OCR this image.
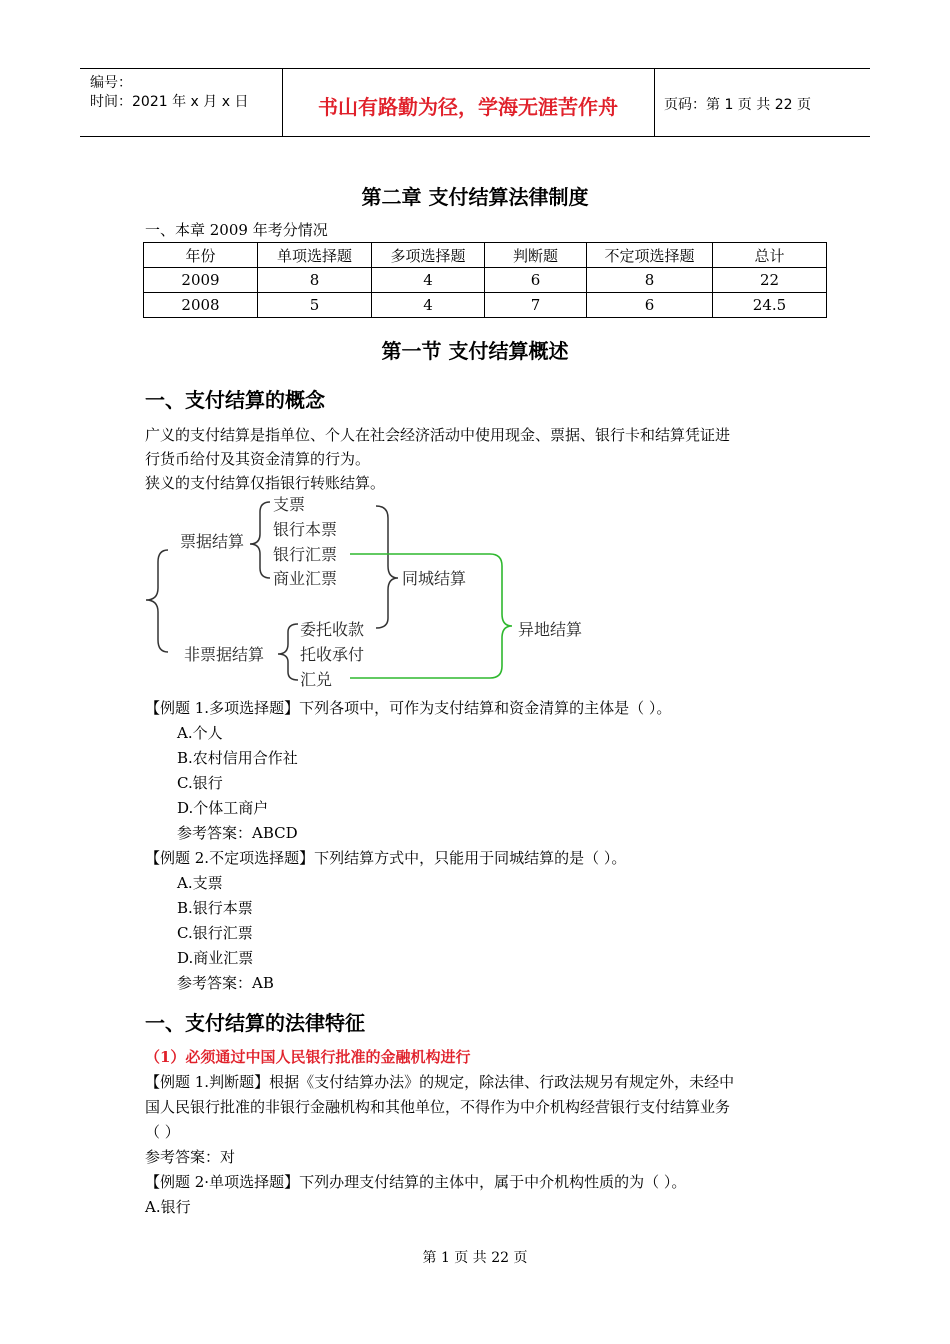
编号：
时间：2021 年 x 月 x 日	书山有路勤为径，学海无涯苦作舟	页码：第 1 页 共 22 页
第二章 支付结算法律制度
一、本章 2009 年考分情况
年份	单项选择题	多项选择题	判断题	不定项选择题	总计
2009	8	4	6	8	22
2008	5	4	7	6	24.5
第一节 支付结算概述
一、支付结算的概念
广义的支付结算是指单位、个人在社会经济活动中使用现金、票据、银行卡和结算凭证进
行货币给付及其资金清算的行为。
狭义的支付结算仅指银行转账结算。
票据结算
非票据结算
支票
银行本票
银行汇票
商业汇票
委托收款
托收承付
汇兑
同城结算
异地结算
【例题 1.多项选择题】下列各项中，可作为支付结算和资金清算的主体是（ ）。
A.个人
B.农村信用合作社
C.银行
D.个体工商户
参考答案：ABCD
【例题 2.不定项选择题】下列结算方式中，只能用于同城结算的是（ ）。
A.支票
B.银行本票
C.银行汇票
D.商业汇票
参考答案：AB
一、支付结算的法律特征
（1）必须通过中国人民银行批准的金融机构进行
【例题 1.判断题】根据《支付结算办法》的规定，除法律、行政法规另有规定外，未经中
国人民银行批准的非银行金融机构和其他单位，不得作为中介机构经营银行支付结算业务
（ ）
参考答案：对
【例题 2·单项选择题】下列办理支付结算的主体中，属于中介机构性质的为（ ）。
A.银行
第 1 页 共 22 页
